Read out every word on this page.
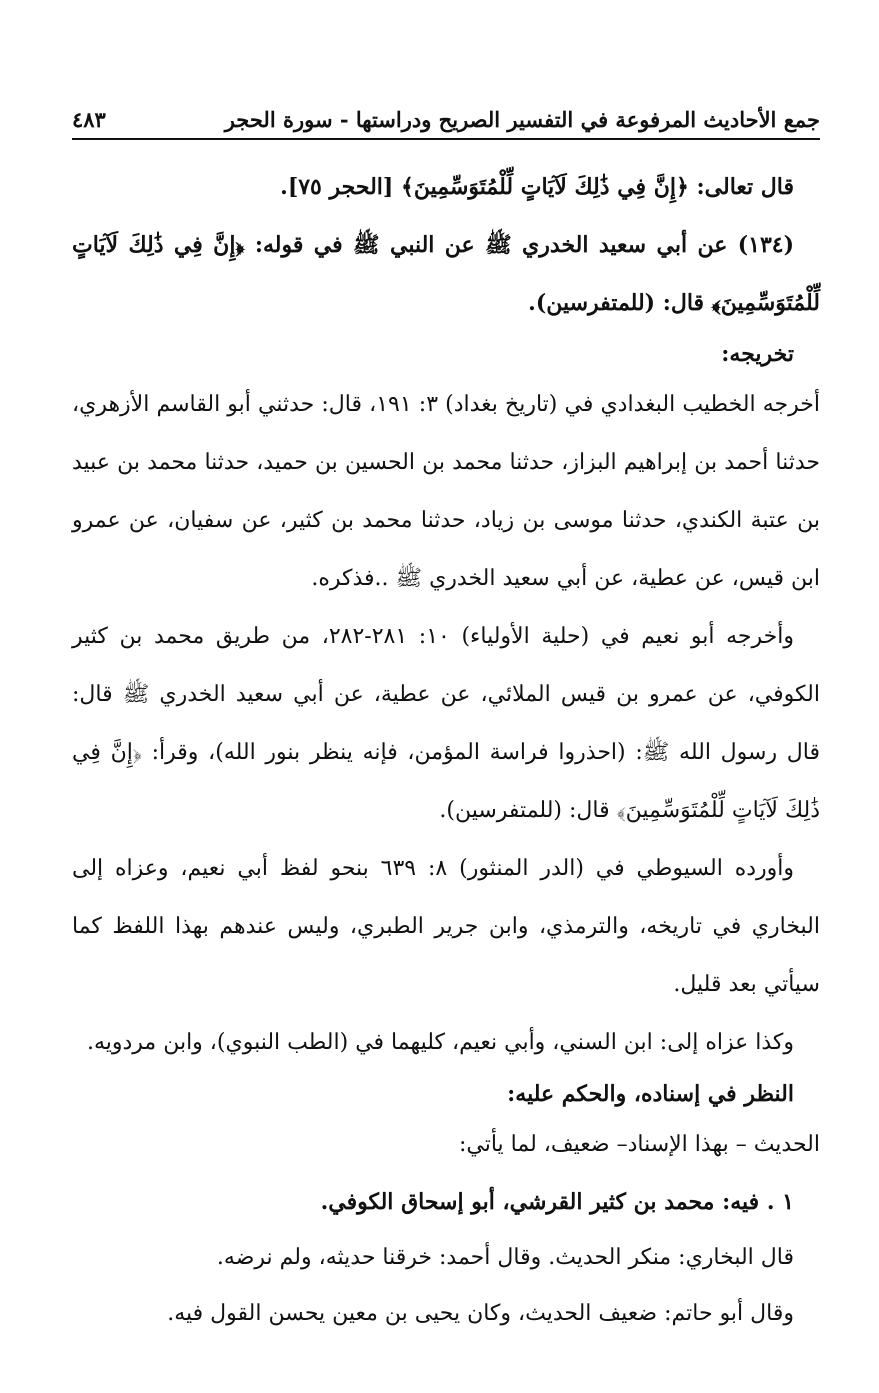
جمع الأحاديث المرفوعة في التفسير الصريح ودراستها - سورة الحجر
٤٨٣

قال تعالى: ﴿إِنَّ فِي ذَٰلِكَ لَآيَاتٍ لِّلْمُتَوَسِّمِينَ﴾ [الحجر ٧٥].

(١٣٤) عن أبي سعيد الخدري ﷺ عن النبي ﷺ في قوله: ﴿إِنَّ فِي ذَٰلِكَ لَآيَاتٍ لِّلْمُتَوَسِّمِينَ﴾ قال: (للمتفرسين).

تخريجه:

أخرجه الخطيب البغدادي في (تاريخ بغداد) ٣: ١٩١، قال: حدثني أبو القاسم الأزهري، حدثنا أحمد بن إبراهيم البزاز، حدثنا محمد بن الحسين بن حميد، حدثنا محمد بن عبيد بن عتبة الكندي، حدثنا موسى بن زياد، حدثنا محمد بن كثير، عن سفيان، عن عمرو ابن قيس، عن عطية، عن أبي سعيد الخدري ﷺ ..فذكره.

وأخرجه أبو نعيم في (حلية الأولياء) ١٠: ٢٨١-٢٨٢، من طريق محمد بن كثير الكوفي، عن عمرو بن قيس الملائي، عن عطية، عن أبي سعيد الخدري ﷺ قال: قال رسول الله ﷺ: (احذروا فراسة المؤمن، فإنه ينظر بنور الله)، وقرأ: ﴿إِنَّ فِي ذَٰلِكَ لَآيَاتٍ لِّلْمُتَوَسِّمِينَ﴾ قال: (للمتفرسين).

وأورده السيوطي في (الدر المنثور) ٨: ٦٣٩ بنحو لفظ أبي نعيم، وعزاه إلى البخاري في تاريخه، والترمذي، وابن جرير الطبري، وليس عندهم بهذا اللفظ كما سيأتي بعد قليل.

وكذا عزاه إلى: ابن السني، وأبي نعيم، كليهما في (الطب النبوي)، وابن مردويه.

النظر في إسناده، والحكم عليه:

الحديث – بهذا الإسناد– ضعيف، لما يأتي:

١ . فيه: محمد بن كثير القرشي، أبو إسحاق الكوفي.

قال البخاري: منكر الحديث. وقال أحمد: خرقنا حديثه، ولم نرضه.

وقال أبو حاتم: ضعيف الحديث، وكان يحيى بن معين يحسن القول فيه.
